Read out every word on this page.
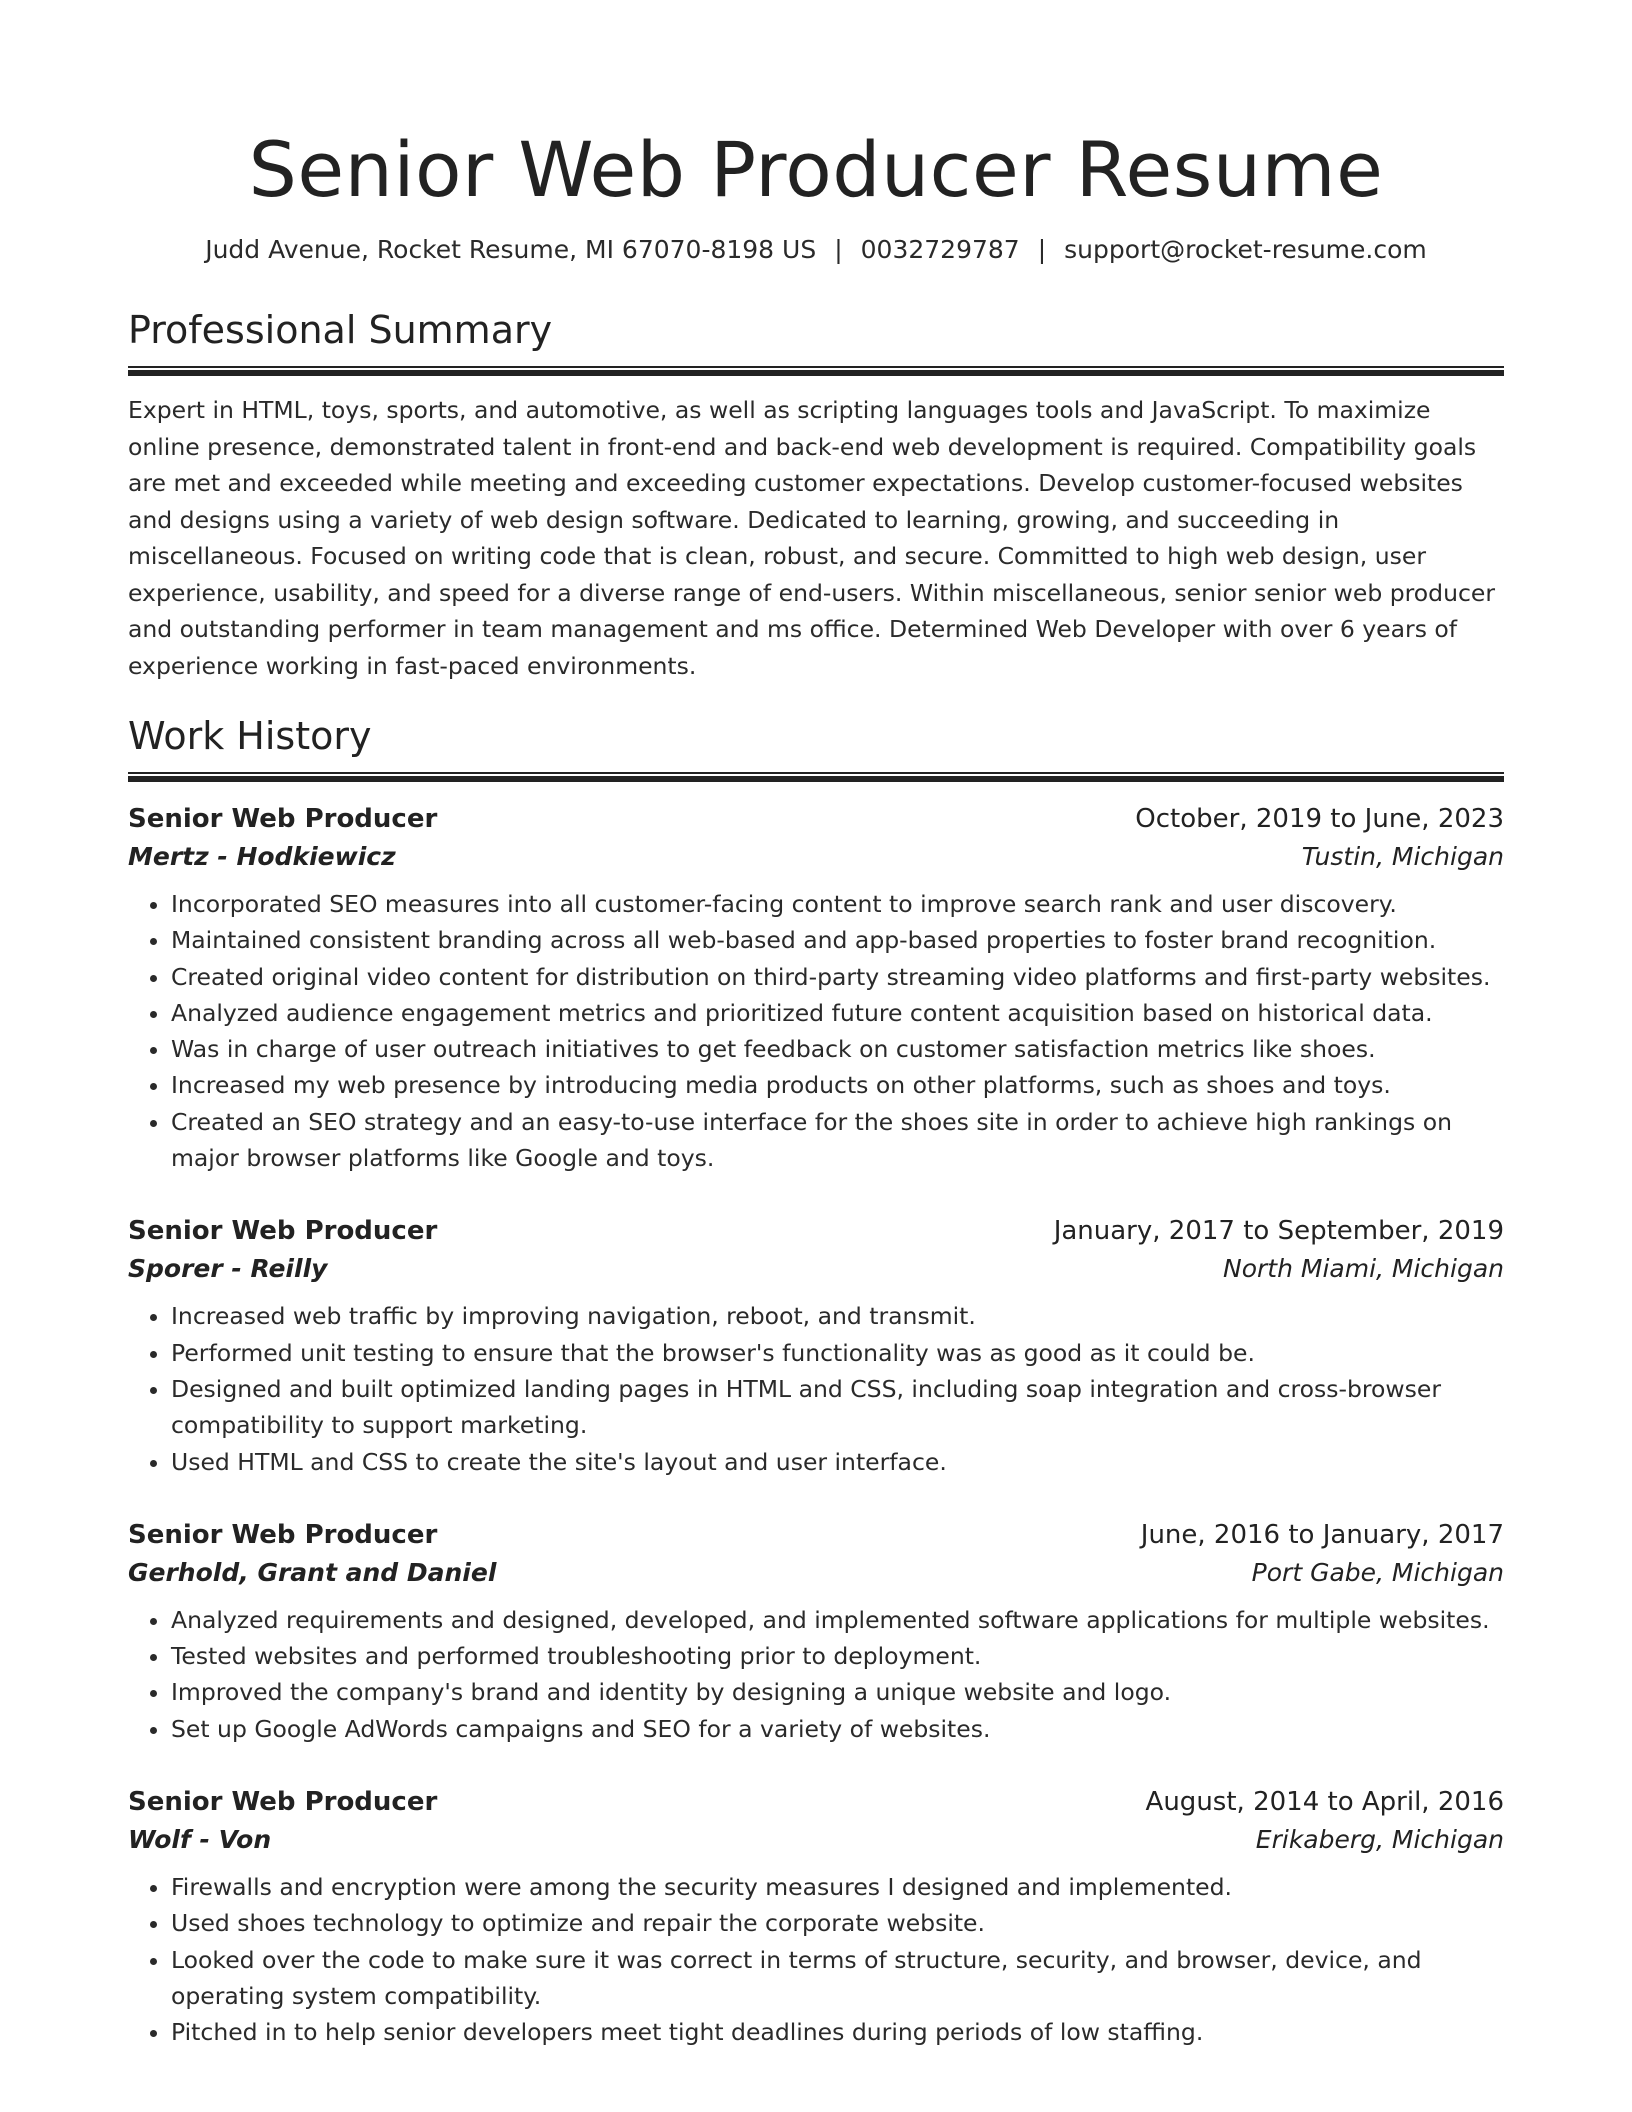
Senior Web Producer Resume
Judd Avenue, Rocket Resume, MI 67070-8198 US | 0032729787 | support@rocket-resume.com
Professional Summary

Expert in HTML, toys, sports, and automotive, as well as scripting languages tools and JavaScript. To maximize online presence, demonstrated talent in front-end and back-end web development is required. Compatibility goals are met and exceeded while meeting and exceeding customer expectations. Develop customer-focused websites and designs using a variety of web design software. Dedicated to learning, growing, and succeeding in miscellaneous. Focused on writing code that is clean, robust, and secure. Committed to high web design, user experience, usability, and speed for a diverse range of end-users. Within miscellaneous, senior senior web producer and outstanding performer in team management and ms office. Determined Web Developer with over 6 years of experience working in fast-paced environments.

Work History
Senior Web Producer	October, 2019 to June, 2023
Mertz - Hodkiewicz	Tustin, Michigan
• Incorporated SEO measures into all customer-facing content to improve search rank and user discovery.
• Maintained consistent branding across all web-based and app-based properties to foster brand recognition.
• Created original video content for distribution on third-party streaming video platforms and first-party websites.
• Analyzed audience engagement metrics and prioritized future content acquisition based on historical data.
• Was in charge of user outreach initiatives to get feedback on customer satisfaction metrics like shoes.
• Increased my web presence by introducing media products on other platforms, such as shoes and toys.
• Created an SEO strategy and an easy-to-use interface for the shoes site in order to achieve high rankings on major browser platforms like Google and toys.
Senior Web Producer	January, 2017 to September, 2019
Sporer - Reilly	North Miami, Michigan
• Increased web traffic by improving navigation, reboot, and transmit.
• Performed unit testing to ensure that the browser's functionality was as good as it could be.
• Designed and built optimized landing pages in HTML and CSS, including soap integration and cross-browser compatibility to support marketing.
• Used HTML and CSS to create the site's layout and user interface.
Senior Web Producer	June, 2016 to January, 2017
Gerhold, Grant and Daniel	Port Gabe, Michigan
• Analyzed requirements and designed, developed, and implemented software applications for multiple websites.
• Tested websites and performed troubleshooting prior to deployment.
• Improved the company's brand and identity by designing a unique website and logo.
• Set up Google AdWords campaigns and SEO for a variety of websites.
Senior Web Producer	August, 2014 to April, 2016
Wolf - Von	Erikaberg, Michigan
• Firewalls and encryption were among the security measures I designed and implemented.
• Used shoes technology to optimize and repair the corporate website.
• Looked over the code to make sure it was correct in terms of structure, security, and browser, device, and operating system compatibility.
• Pitched in to help senior developers meet tight deadlines during periods of low staffing.
